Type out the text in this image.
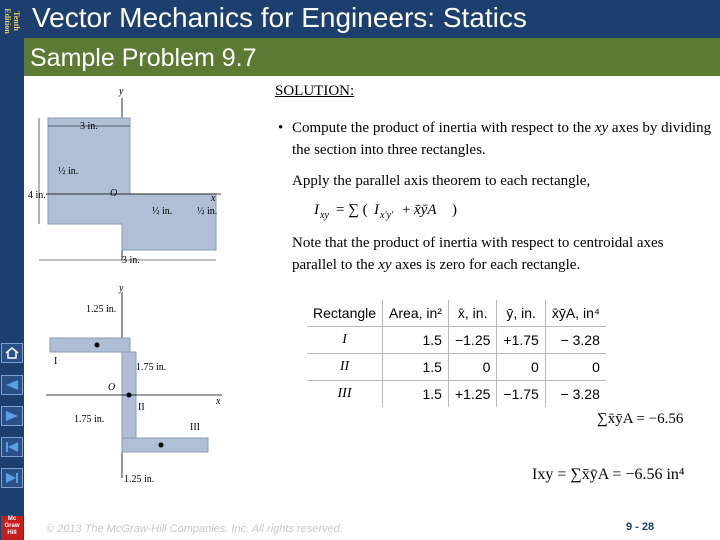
Tenth Edition Vector Mechanics for Engineers: Statics
Sample Problem 9.7
Mc
Graw
Hill
y
x
O
3 in.
4 in.
½ in.
½ in. ½ in.
3 in.
y
x
O
I
II
III
1.25 in.
1.75 in.
1.75 in.
1.25 in.
SOLUTION:
• Compute the product of inertia with respect to the xy axes by dividing the section into three rectangles.
Apply the parallel axis theorem to each rectangle,
I xy = ∑ ( I x′y′ + x̄ȳA )
Note that the product of inertia with respect to centroidal axes parallel to the xy axes is zero for each rectangle.
Rectangle	Area, in²	x̄, in.	ȳ, in.	x̄ȳA, in⁴
I	1.5	−1.25	+1.75	− 3.28
II	1.5	0	0	0
III	1.5	+1.25	−1.75	− 3.28
∑x̄ȳA = −6.56
Ixy = ∑x̄ȳA = −6.56 in⁴
© 2013 The McGraw-Hill Companies, Inc. All rights reserved.	9 - 28
